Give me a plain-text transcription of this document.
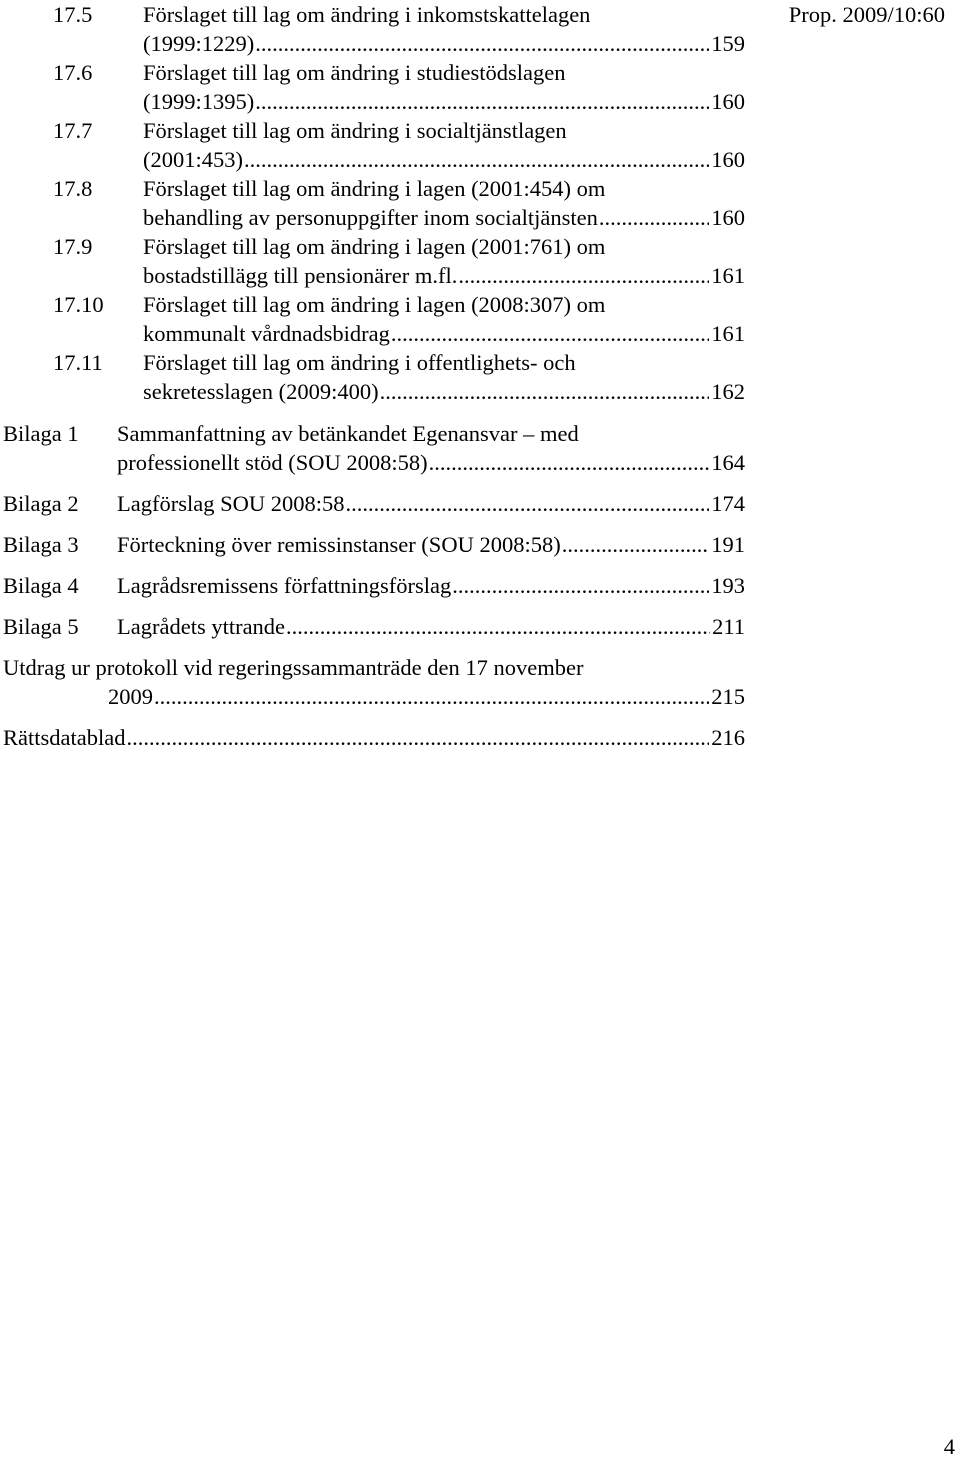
Prop. 2009/10:60
17.5 Förslaget till lag om ändring i inkomstskattelagen
(1999:1229) .....	159
17.6 Förslaget till lag om ändring i studiestödslagen
(1999:1395) .....	160
17.7 Förslaget till lag om ändring i socialtjänstlagen
(2001:453) .....	160
17.8 Förslaget till lag om ändring i lagen (2001:454) om
behandling av personuppgifter inom socialtjänsten .....	160
17.9 Förslaget till lag om ändring i lagen (2001:761) om
bostadstillägg till pensionärer m.fl. .....	161
17.10 Förslaget till lag om ändring i lagen (2008:307) om
kommunalt vårdnadsbidrag .....	161
17.11 Förslaget till lag om ändring i offentlighets- och
sekretesslagen (2009:400) .....	162
Bilaga 1 Sammanfattning av betänkandet Egenansvar – med
professionellt stöd (SOU 2008:58) .....	164
Bilaga 2 Lagförslag SOU 2008:58 .....	174
Bilaga 3 Förteckning över remissinstanser (SOU 2008:58) .....	191
Bilaga 4 Lagrådsremissens författningsförslag .....	193
Bilaga 5 Lagrådets yttrande .....	211
Utdrag ur protokoll vid regeringssammanträde den 17 november
2009 .....	215
Rättsdatablad .....	216
4
